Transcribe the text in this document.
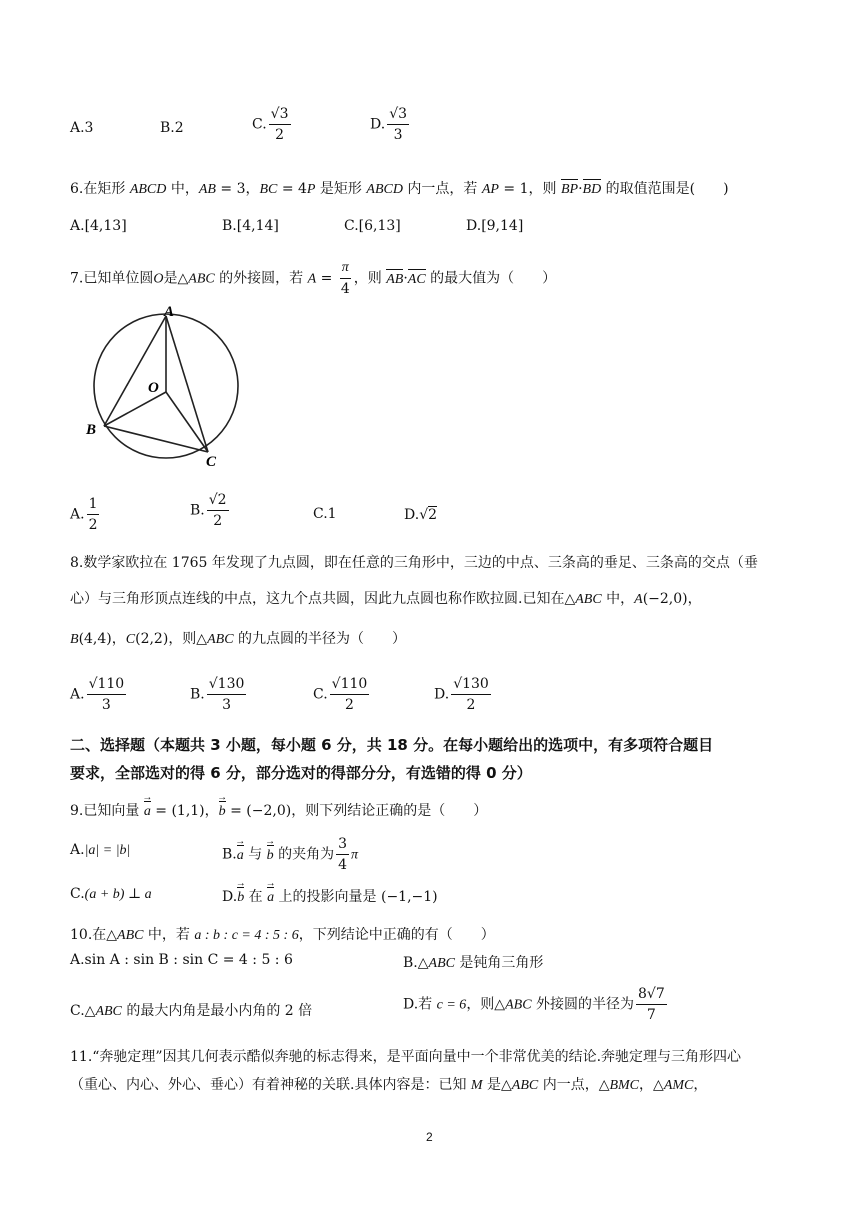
A.3	B.2	C. $\frac{√3}{2}$	D. $\frac{√3}{3}$
6.在矩形 ABCD 中，AB = 3，BC = 4P 是矩形 ABCD 内一点，若 AP = 1，则 BP·BD 的取值范围是(　　)
A.[4,13]	B.[4,14]	C.[6,13]	D.[9,14]
7.已知单位圆O是△ABC 的外接圆，若 $A = \frac{\pi}{4}$ ，则 AB·AC 的最大值为（　　）
A
O
B
C
A. $\frac{1}{2}$	B. $\frac{√2}{2}$	C.1	D.√2
8.数学家欧拉在 1765 年发现了九点圆，即在任意的三角形中，三边的中点、三条高的垂足、三条高的交点（垂
心）与三角形顶点连线的中点，这九个点共圆，因此九点圆也称作欧拉圆.已知在△ABC 中，A(−2,0)，
B(4,4)，C(2,2)，则△ABC 的九点圆的半径为（　　）
A. $\frac{√110}{3}$	B. $\frac{√130}{3}$	C. $\frac{√110}{2}$	D. $\frac{√130}{2}$
二、选择题（本题共 3 小题，每小题 6 分，共 18 分。在每小题给出的选项中，有多项符合题目
要求，全部选对的得 6 分，部分选对的得部分分，有选错的得 0 分）
9.已知向量 a → = (1,1)，b → = (−2,0)，则下列结论正确的是（　　）
A.|a| = |b|	B.a → 与 b → 的夹角为 $\frac{3}{4}$ π
C.(a + b) ⊥ a	D.b → 在 a → 上的投影向量是 (−1,−1)
10.在△ABC 中，若 a : b : c = 4 : 5 : 6，下列结论中正确的有（　　）
A.sin A : sin B : sin C = 4 : 5 : 6	B.△ABC 是钝角三角形
C.△ABC 的最大内角是最小内角的 2 倍	D.若 c = 6，则△ABC 外接圆的半径为 $\frac{8√7}{7}$
11.“奔驰定理”因其几何表示酷似奔驰的标志得来，是平面向量中一个非常优美的结论.奔驰定理与三角形四心
（重心、内心、外心、垂心）有着神秘的关联.具体内容是：已知 M 是△ABC 内一点，△BMC，△AMC，
2
